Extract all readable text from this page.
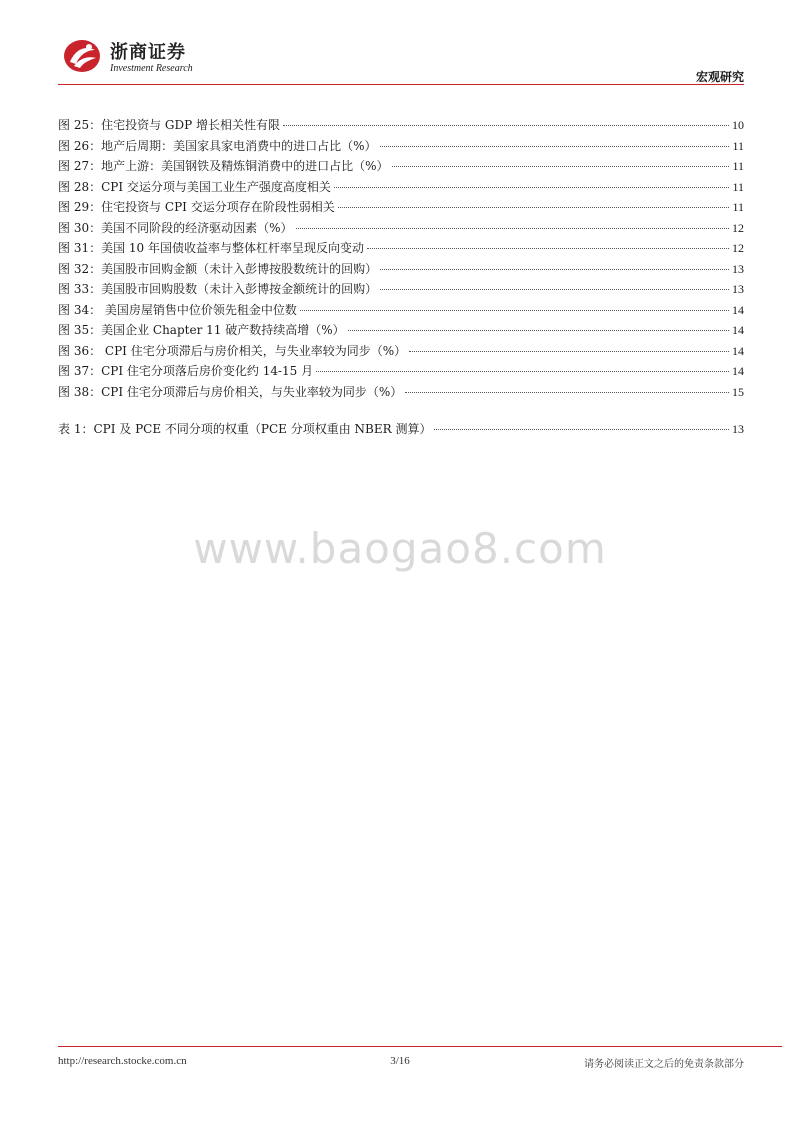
浙商证券
Investment Research
宏观研究
图 25：住宅投资与 GDP 增长相关性有限	10
图 26：地产后周期：美国家具家电消费中的进口占比（%）	11
图 27：地产上游：美国钢铁及精炼铜消费中的进口占比（%）	11
图 28：CPI 交运分项与美国工业生产强度高度相关	11
图 29：住宅投资与 CPI 交运分项存在阶段性弱相关	11
图 30：美国不同阶段的经济驱动因素（%）	12
图 31：美国 10 年国债收益率与整体杠杆率呈现反向变动	12
图 32：美国股市回购金额（未计入彭博按股数统计的回购）	13
图 33：美国股市回购股数（未计入彭博按金额统计的回购）	13
图 34： 美国房屋销售中位价领先租金中位数	14
图 35：美国企业 Chapter 11 破产数持续高增（%）	14
图 36： CPI 住宅分项滞后与房价相关，与失业率较为同步（%）	14
图 37：CPI 住宅分项落后房价变化约 14-15 月	14
图 38：CPI 住宅分项滞后与房价相关，与失业率较为同步（%）	15
表 1：CPI 及 PCE 不同分项的权重（PCE 分项权重由 NBER 测算）	13
www.baogao8.com
http://research.stocke.com.cn	3/16	请务必阅读正文之后的免责条款部分
